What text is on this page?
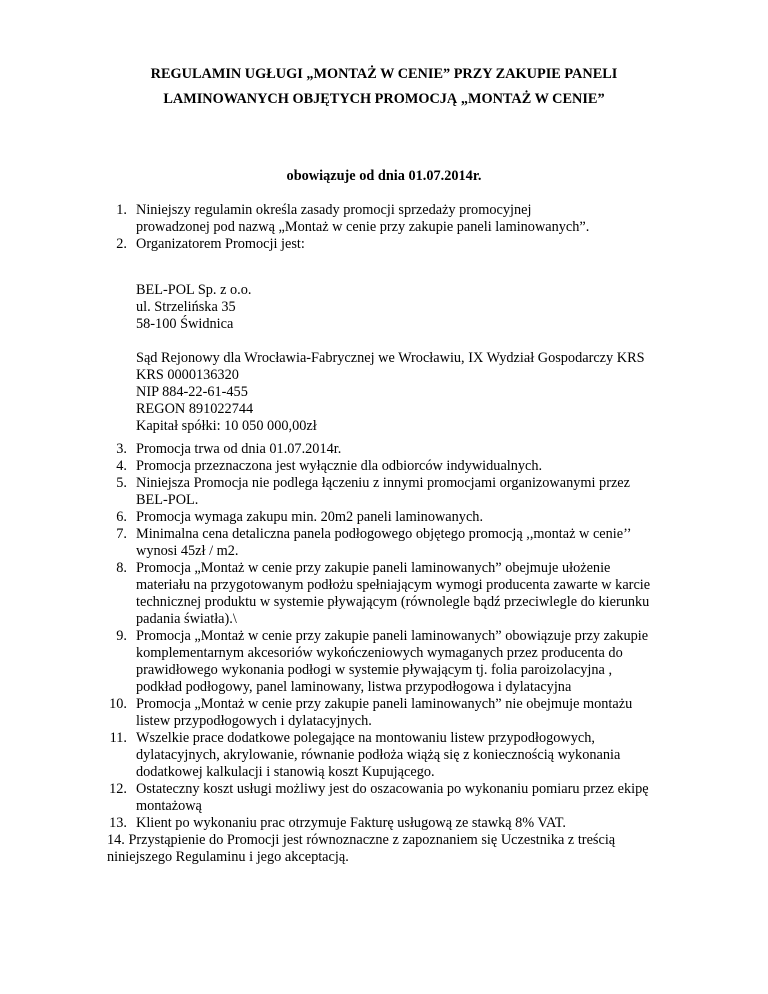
REGULAMIN UGŁUGI „MONTAŻ W CENIE” PRZY ZAKUPIE PANELI
LAMINOWANYCH OBJĘTYCH PROMOCJĄ „MONTAŻ W CENIE”
obowiązuje od dnia 01.07.2014r.
1. Niniejszy regulamin określa zasady promocji sprzedaży promocyjnej
prowadzonej pod nazwą „Montaż w cenie przy zakupie paneli laminowanych”.
2. Organizatorem Promocji jest:
3. Promocja trwa od dnia 01.07.2014r.
4. Promocja przeznaczona jest wyłącznie dla odbiorców indywidualnych.
5. Niniejsza Promocja nie podlega łączeniu z innymi promocjami organizowanymi przez
BEL-POL.
6. Promocja wymaga zakupu min. 20m2 paneli laminowanych.
7. Minimalna cena detaliczna panela podłogowego objętego promocją ,,montaż w cenie’’
wynosi 45zł / m2.
8. Promocja „Montaż w cenie przy zakupie paneli laminowanych” obejmuje ułożenie
materiału na przygotowanym podłożu spełniającym wymogi producenta zawarte w karcie
technicznej produktu w systemie pływającym (równolegle bądź przeciwlegle do kierunku
padania światła).\
9. Promocja „Montaż w cenie przy zakupie paneli laminowanych” obowiązuje przy zakupie
komplementarnym akcesoriów wykończeniowych wymaganych przez producenta do
prawidłowego wykonania podłogi w systemie pływającym tj. folia paroizolacyjna ,
podkład podłogowy, panel laminowany, listwa przypodłogowa i dylatacyjna
10. Promocja „Montaż w cenie przy zakupie paneli laminowanych” nie obejmuje montażu
listew przypodłogowych i dylatacyjnych.
11. Wszelkie prace dodatkowe polegające na montowaniu listew przypodłogowych,
dylatacyjnych, akrylowanie, równanie podłoża wiążą się z koniecznością wykonania
dodatkowej kalkulacji i stanowią koszt Kupującego.
12. Ostateczny koszt usługi możliwy jest do oszacowania po wykonaniu pomiaru przez ekipę
montażową
13. Klient po wykonaniu prac otrzymuje Fakturę usługową ze stawką 8% VAT.
BEL-POL Sp. z o.o.
ul. Strzelińska 35
58-100 Świdnica
Sąd Rejonowy dla Wrocławia-Fabrycznej we Wrocławiu, IX Wydział Gospodarczy KRS
KRS 0000136320
NIP 884-22-61-455
REGON 891022744
Kapitał spółki: 10 050 000,00zł
14. Przystąpienie do Promocji jest równoznaczne z zapoznaniem się Uczestnika z treścią
niniejszego Regulaminu i jego akceptacją.
